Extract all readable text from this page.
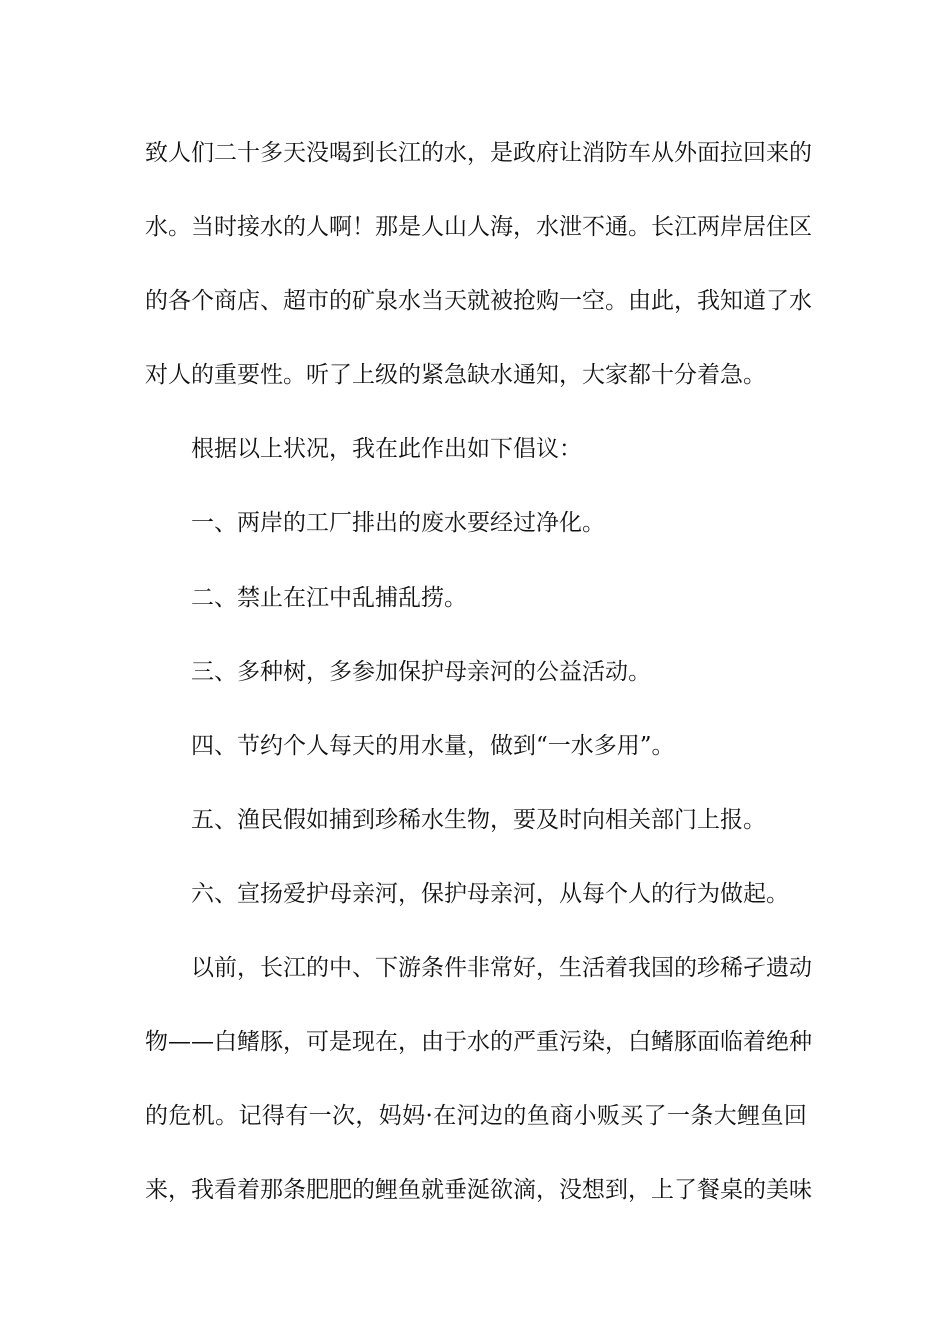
致 人 们 二 十 多 天 没 喝 到 长 江 的 水 ， 是 政 府 让 消 防 车 从 外 面 拉 回 来 的
水 。 当 时 接 水 的 人 啊 ！ 那 是 人 山 人 海 ， 水 泄 不 通 。 长 江 两 岸 居 住 区
的 各 个 商 店 、 超 市 的 矿 泉 水 当 天 就 被 抢 购 一 空 。 由 此 ， 我 知 道 了 水
对人的重要性。听了上级的紧急缺水通知，大家都十分着急。
根据以上状况，我在此作出如下倡议：
一、两岸的工厂排出的废水要经过净化。
二、禁止在江中乱捕乱捞。
三、多种树，多参加保护母亲河的公益活动。
四、节约个人每天的用水量，做到“一水多用”。
五、渔民假如捕到珍稀水生物，要及时向相关部门上报。
六、宣扬爱护母亲河，保护母亲河，从每个人的行为做起。
以 前 ， 长 江 的 中 、 下 游 条 件 非 常 好 ， 生 活 着 我 国 的 珍 稀 孑 遗 动
物 — — 白 鳍 豚 ， 可 是 现 在 ， 由 于 水 的 严 重 污 染 ， 白 鳍 豚 面 临 着 绝 种
的 危 机 。 记 得 有 一 次 ， 妈 妈 · 在 河 边 的 鱼 商 小 贩 买 了 一 条 大 鲤 鱼 回
来 ， 我 看 着 那 条 肥 肥 的 鲤 鱼 就 垂 涎 欲 滴 ， 没 想 到 ， 上 了 餐 桌 的 美 味
